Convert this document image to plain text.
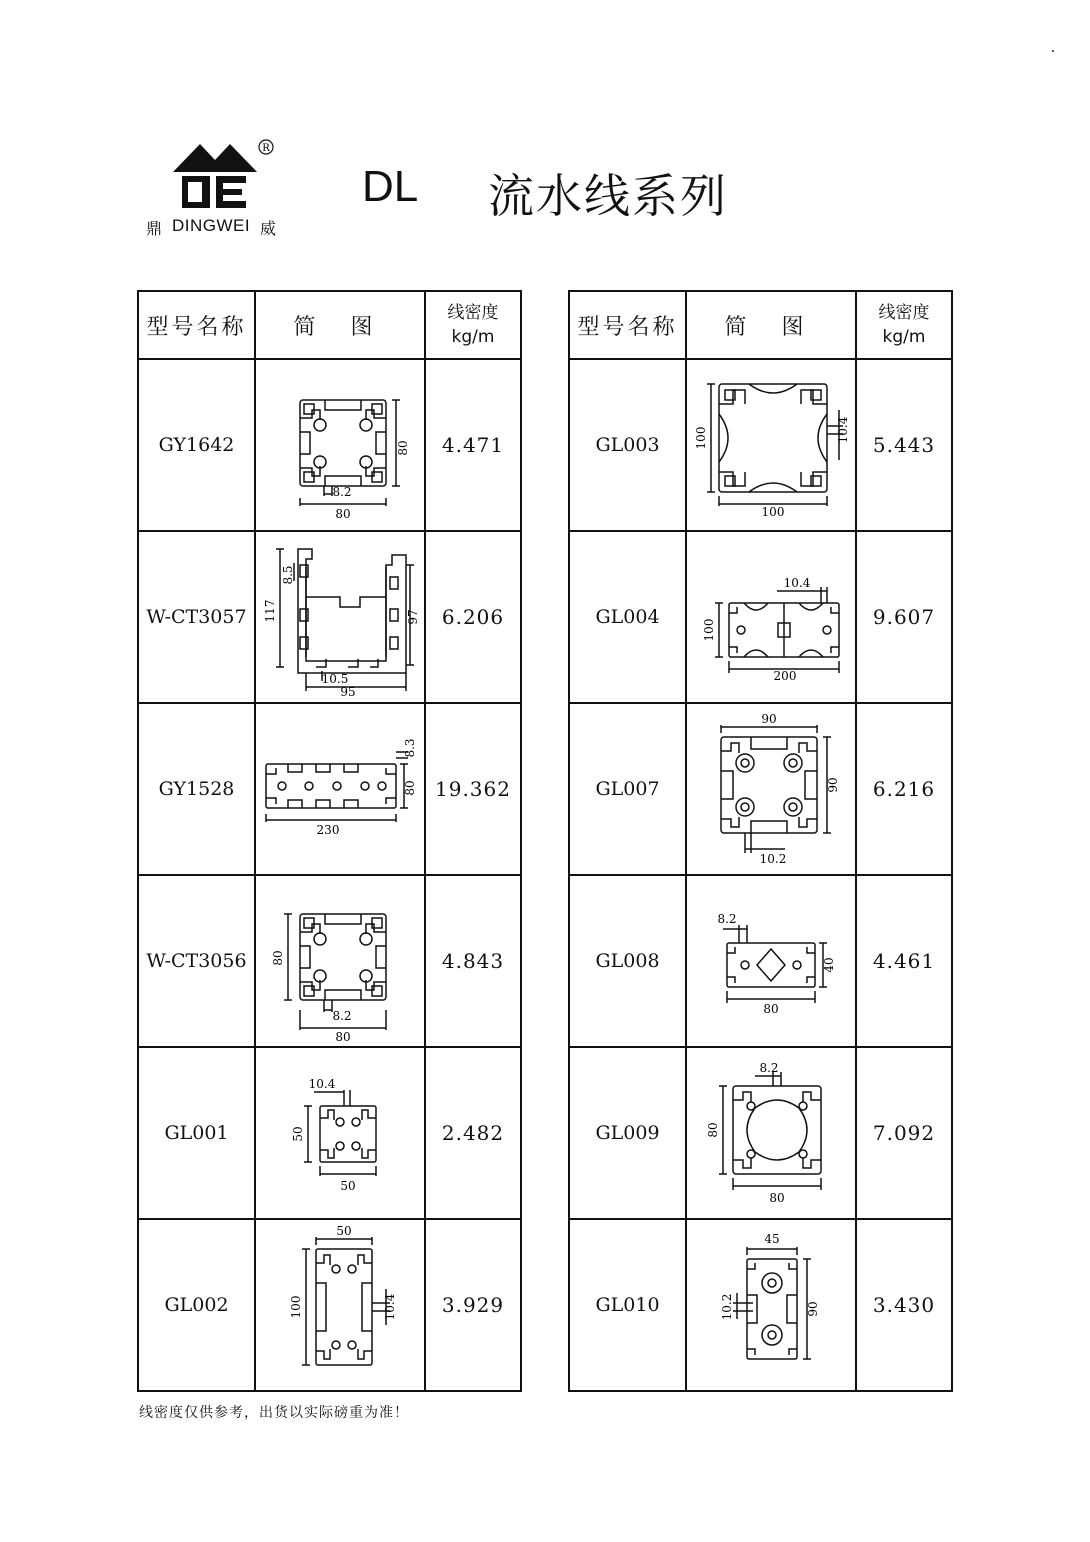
R
鼎 DINGWEI 威
DL 流水线系列
型号名称	简 图	线密度
kg/m

GY1642	80
8.2
80	4.471
W-CT3057	117
8.5
97
10.5
95	6.206
GY1528	8.3
80
230	19.362
W-CT3056	80
8.2
80	4.843
GL001	10.4
50
50	2.482
GL002	50
100 10.4	3.929
型号名称	简 图	线密度
kg/m

GL003	100 10.4
100	5.443
GL004	10.4
100
200	9.607
GL007	90
90
10.2	6.216
GL008	8.2
40
80	4.461
GL009	8.2
80
80	7.092
GL010	45
10.2 90	3.430
线密度仅供参考，出货以实际磅重为准！
